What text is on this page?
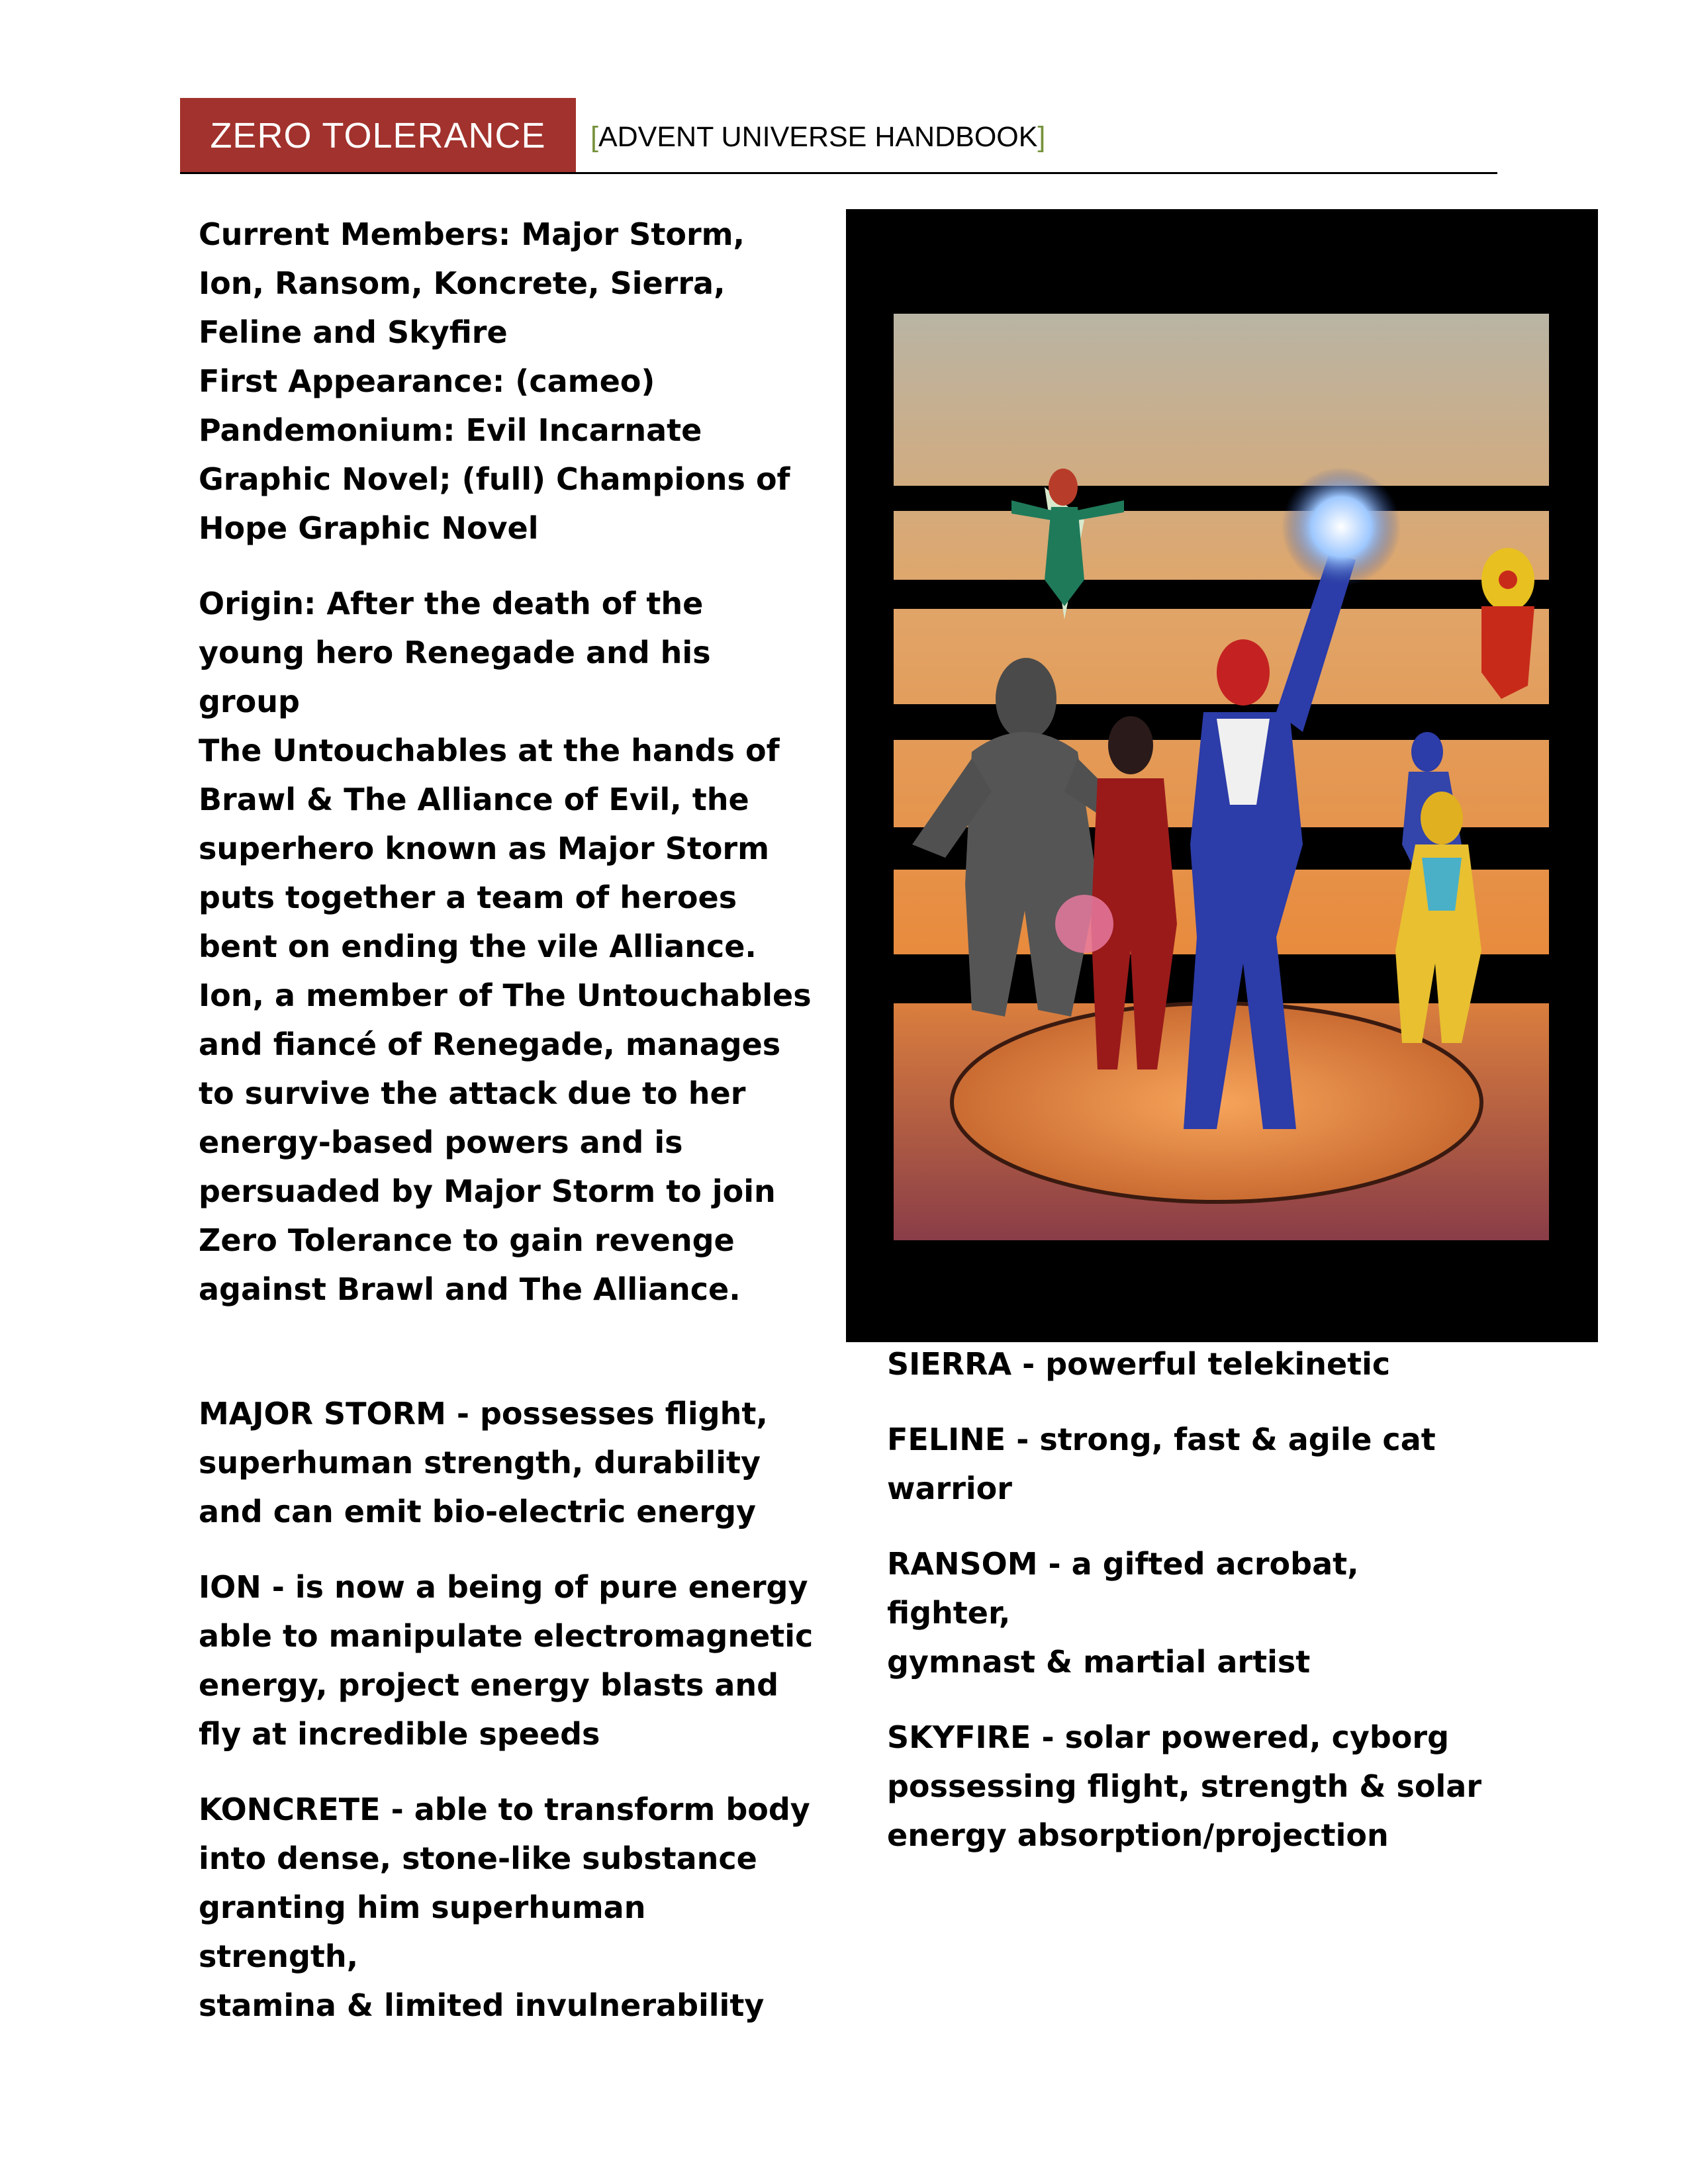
ZERO TOLERANCE	[ADVENT UNIVERSE HANDBOOK]

Current Members: Major Storm,

Ion, Ransom, Koncrete, Sierra,

Feline and Skyfire

First Appearance: (cameo)

Pandemonium: Evil Incarnate

Graphic Novel; (full) Champions of

Hope Graphic Novel

Origin: After the death of the

young hero Renegade and his group

The Untouchables at the hands of

Brawl & The Alliance of Evil, the

superhero known as Major Storm

puts together a team of heroes

bent on ending the vile Alliance.

Ion, a member of The Untouchables

and fiancé of Renegade, manages

to survive the attack due to her

energy-based powers and is

persuaded by Major Storm to join

Zero Tolerance to gain revenge

against Brawl and The Alliance.

MAJOR STORM - possesses flight,

superhuman strength, durability

and can emit bio-electric energy

ION - is now a being of pure energy

able to manipulate electromagnetic

energy, project energy blasts and

fly at incredible speeds

KONCRETE - able to transform body

into dense, stone-like substance

granting him superhuman strength,

stamina & limited invulnerability

SIERRA - powerful telekinetic

FELINE - strong, fast & agile cat

warrior

RANSOM - a gifted acrobat, fighter,

gymnast & martial artist

SKYFIRE - solar powered, cyborg

possessing flight, strength & solar

energy absorption/projection
